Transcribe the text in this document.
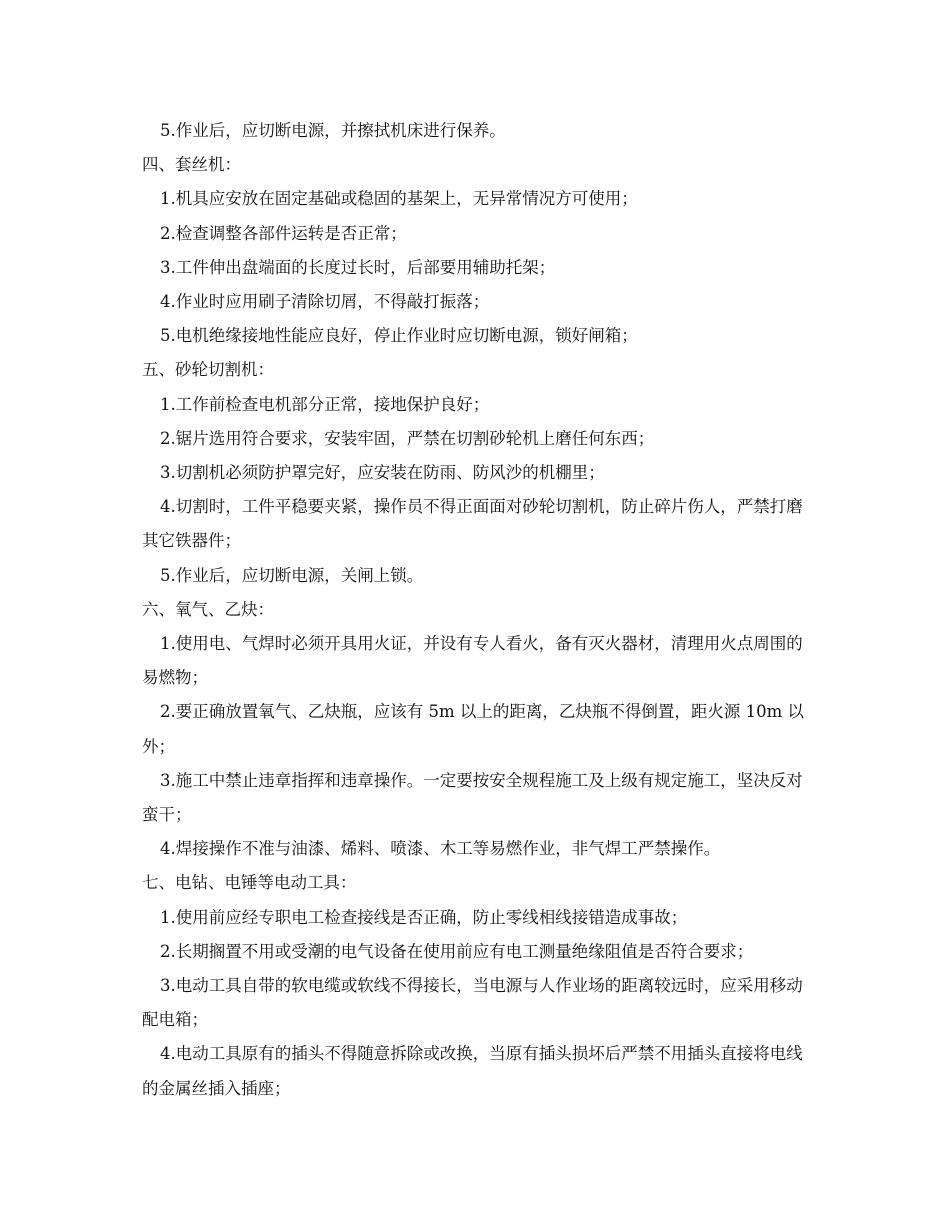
5.作业后，应切断电源，并擦拭机床进行保养。

四、套丝机：

1.机具应安放在固定基础或稳固的基架上，无异常情况方可使用；

2.检查调整各部件运转是否正常；

3.工件伸出盘端面的长度过长时，后部要用辅助托架；

4.作业时应用刷子清除切屑，不得敲打振落；

5.电机绝缘接地性能应良好，停止作业时应切断电源，锁好闸箱；

五、砂轮切割机：

1.工作前检查电机部分正常，接地保护良好；

2.锯片选用符合要求，安装牢固，严禁在切割砂轮机上磨任何东西；

3.切割机必须防护罩完好，应安装在防雨、防风沙的机棚里；

4.切割时，工件平稳要夹紧，操作员不得正面面对砂轮切割机，防止碎片伤人，严禁打磨其它铁器件；

5.作业后，应切断电源，关闸上锁。

六、氧气、乙炔：

1.使用电、气焊时必须开具用火证，并设有专人看火，备有灭火器材，清理用火点周围的易燃物；

2.要正确放置氧气、乙炔瓶，应该有 5m 以上的距离，乙炔瓶不得倒置，距火源 10m 以外；

3.施工中禁止违章指挥和违章操作。一定要按安全规程施工及上级有规定施工，坚决反对蛮干；

4.焊接操作不准与油漆、烯料、喷漆、木工等易燃作业，非气焊工严禁操作。

七、电钻、电锤等电动工具：

1.使用前应经专职电工检查接线是否正确，防止零线相线接错造成事故；

2.长期搁置不用或受潮的电气设备在使用前应有电工测量绝缘阻值是否符合要求；

3.电动工具自带的软电缆或软线不得接长，当电源与人作业场的距离较远时，应采用移动配电箱；

4.电动工具原有的插头不得随意拆除或改换，当原有插头损坏后严禁不用插头直接将电线的金属丝插入插座；
